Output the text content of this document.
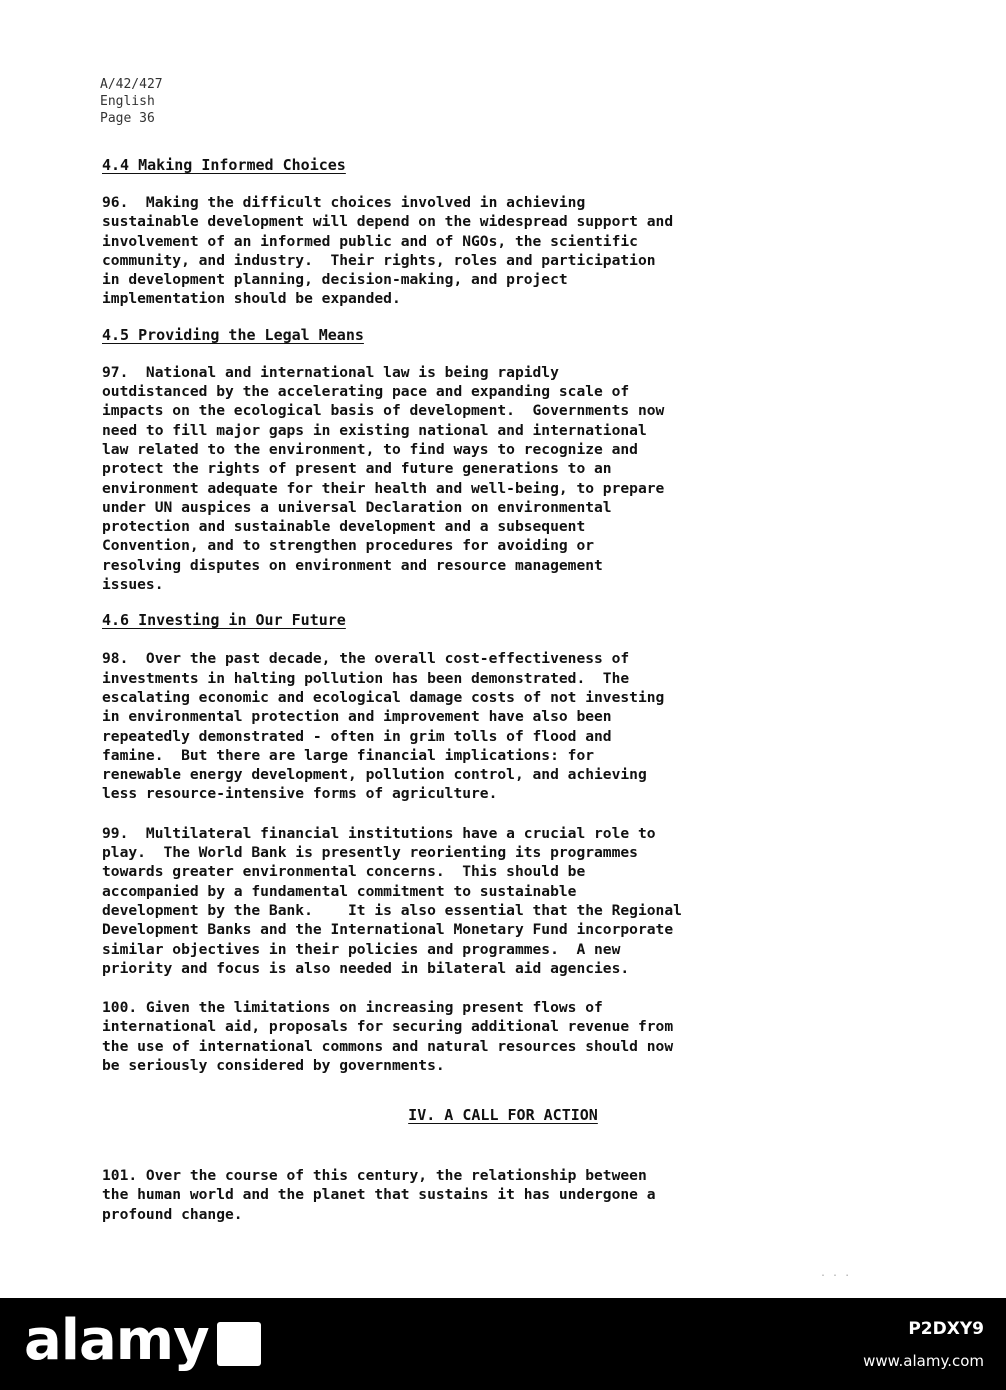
A/42/427
English
Page 36
4.4 Making Informed Choices

96.  Making the difficult choices involved in achieving
sustainable development will depend on the widespread support and
involvement of an informed public and of NGOs, the scientific
community, and industry.  Their rights, roles and participation
in development planning, decision-making, and project
implementation should be expanded.

4.5 Providing the Legal Means

97.  National and international law is being rapidly
outdistanced by the accelerating pace and expanding scale of
impacts on the ecological basis of development.  Governments now
need to fill major gaps in existing national and international
law related to the environment, to find ways to recognize and
protect the rights of present and future generations to an
environment adequate for their health and well-being, to prepare
under UN auspices a universal Declaration on environmental
protection and sustainable development and a subsequent
Convention, and to strengthen procedures for avoiding or
resolving disputes on environment and resource management
issues.

4.6 Investing in Our Future

98.  Over the past decade, the overall cost-effectiveness of
investments in halting pollution has been demonstrated.  The
escalating economic and ecological damage costs of not investing
in environmental protection and improvement have also been
repeatedly demonstrated - often in grim tolls of flood and
famine.  But there are large financial implications: for
renewable energy development, pollution control, and achieving
less resource-intensive forms of agriculture.

99.  Multilateral financial institutions have a crucial role to
play.  The World Bank is presently reorienting its programmes
towards greater environmental concerns.  This should be
accompanied by a fundamental commitment to sustainable
development by the Bank.    It is also essential that the Regional
Development Banks and the International Monetary Fund incorporate
similar objectives in their policies and programmes.  A new
priority and focus is also needed in bilateral aid agencies.

100. Given the limitations on increasing present flows of
international aid, proposals for securing additional revenue from
the use of international commons and natural resources should now
be seriously considered by governments.

IV. A CALL FOR ACTION

101. Over the course of this century, the relationship between
the human world and the planet that sustains it has undergone a
profound change.

. . .
alamy	P2DXY9
www.alamy.com
